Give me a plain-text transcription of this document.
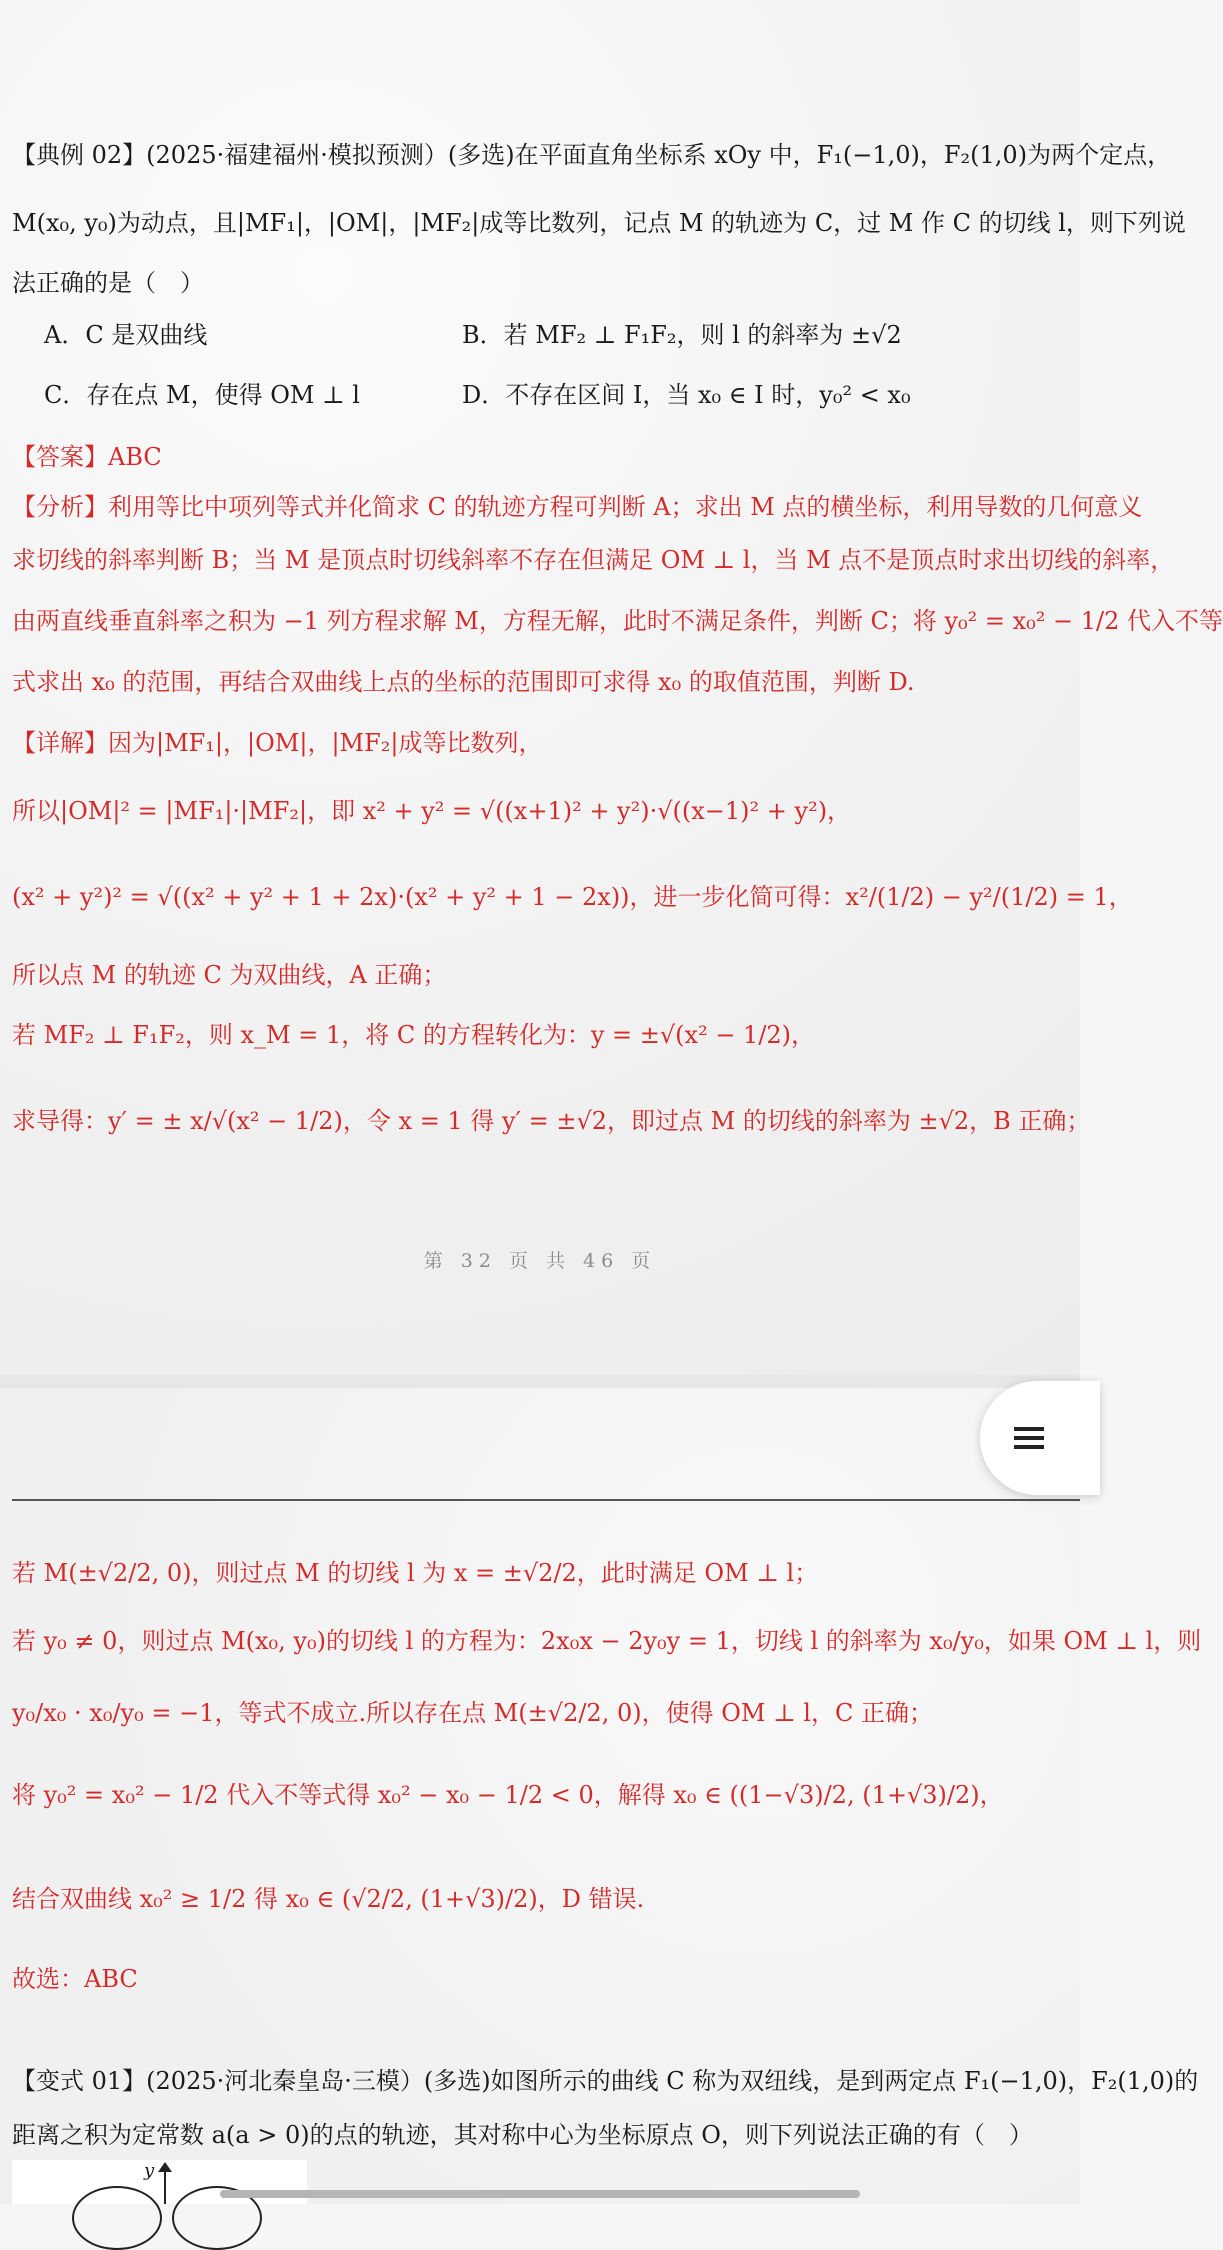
【典例 02】(2025·福建福州·模拟预测）(多选)在平面直角坐标系 xOy 中，F₁(−1,0)，F₂(1,0)为两个定点，
M(x₀, y₀)为动点，且|MF₁|，|OM|，|MF₂|成等比数列，记点 M 的轨迹为 C，过 M 作 C 的切线 l，则下列说
法正确的是（　）
A．C 是双曲线	B．若 MF₂ ⊥ F₁F₂，则 l 的斜率为 ±√2
C．存在点 M，使得 OM ⊥ l	D．不存在区间 I，当 x₀ ∈ I 时，y₀² < x₀
【答案】ABC
【分析】利用等比中项列等式并化简求 C 的轨迹方程可判断 A；求出 M 点的横坐标，利用导数的几何意义
求切线的斜率判断 B；当 M 是顶点时切线斜率不存在但满足 OM ⊥ l，当 M 点不是顶点时求出切线的斜率，
由两直线垂直斜率之积为 −1 列方程求解 M，方程无解，此时不满足条件，判断 C；将 y₀² = x₀² − 1/2 代入不等
式求出 x₀ 的范围，再结合双曲线上点的坐标的范围即可求得 x₀ 的取值范围，判断 D.
【详解】因为|MF₁|，|OM|，|MF₂|成等比数列，
所以|OM|² = |MF₁|·|MF₂|，即 x² + y² = √((x+1)² + y²)·√((x−1)² + y²)，
(x² + y²)² = √((x² + y² + 1 + 2x)·(x² + y² + 1 − 2x))，进一步化简可得：x²/(1/2) − y²/(1/2) = 1，
所以点 M 的轨迹 C 为双曲线，A 正确；
若 MF₂ ⊥ F₁F₂，则 x_M = 1，将 C 的方程转化为：y = ±√(x² − 1/2)，
求导得：y′ = ± x/√(x² − 1/2)，令 x = 1 得 y′ = ±√2，即过点 M 的切线的斜率为 ±√2，B 正确；
第 32 页 共 46 页
若 M(±√2/2, 0)，则过点 M 的切线 l 为 x = ±√2/2，此时满足 OM ⊥ l；
若 y₀ ≠ 0，则过点 M(x₀, y₀)的切线 l 的方程为：2x₀x − 2y₀y = 1，切线 l 的斜率为 x₀/y₀，如果 OM ⊥ l，则
y₀/x₀ · x₀/y₀ = −1，等式不成立.所以存在点 M(±√2/2, 0)，使得 OM ⊥ l，C 正确；
将 y₀² = x₀² − 1/2 代入不等式得 x₀² − x₀ − 1/2 < 0，解得 x₀ ∈ ((1−√3)/2, (1+√3)/2)，
结合双曲线 x₀² ≥ 1/2 得 x₀ ∈ (√2/2, (1+√3)/2)，D 错误.
故选：ABC
【变式 01】(2025·河北秦皇岛·三模）(多选)如图所示的曲线 C 称为双纽线，是到两定点 F₁(−1,0)，F₂(1,0)的
距离之积为定常数 a(a > 0)的点的轨迹，其对称中心为坐标原点 O，则下列说法正确的有（　）
y
